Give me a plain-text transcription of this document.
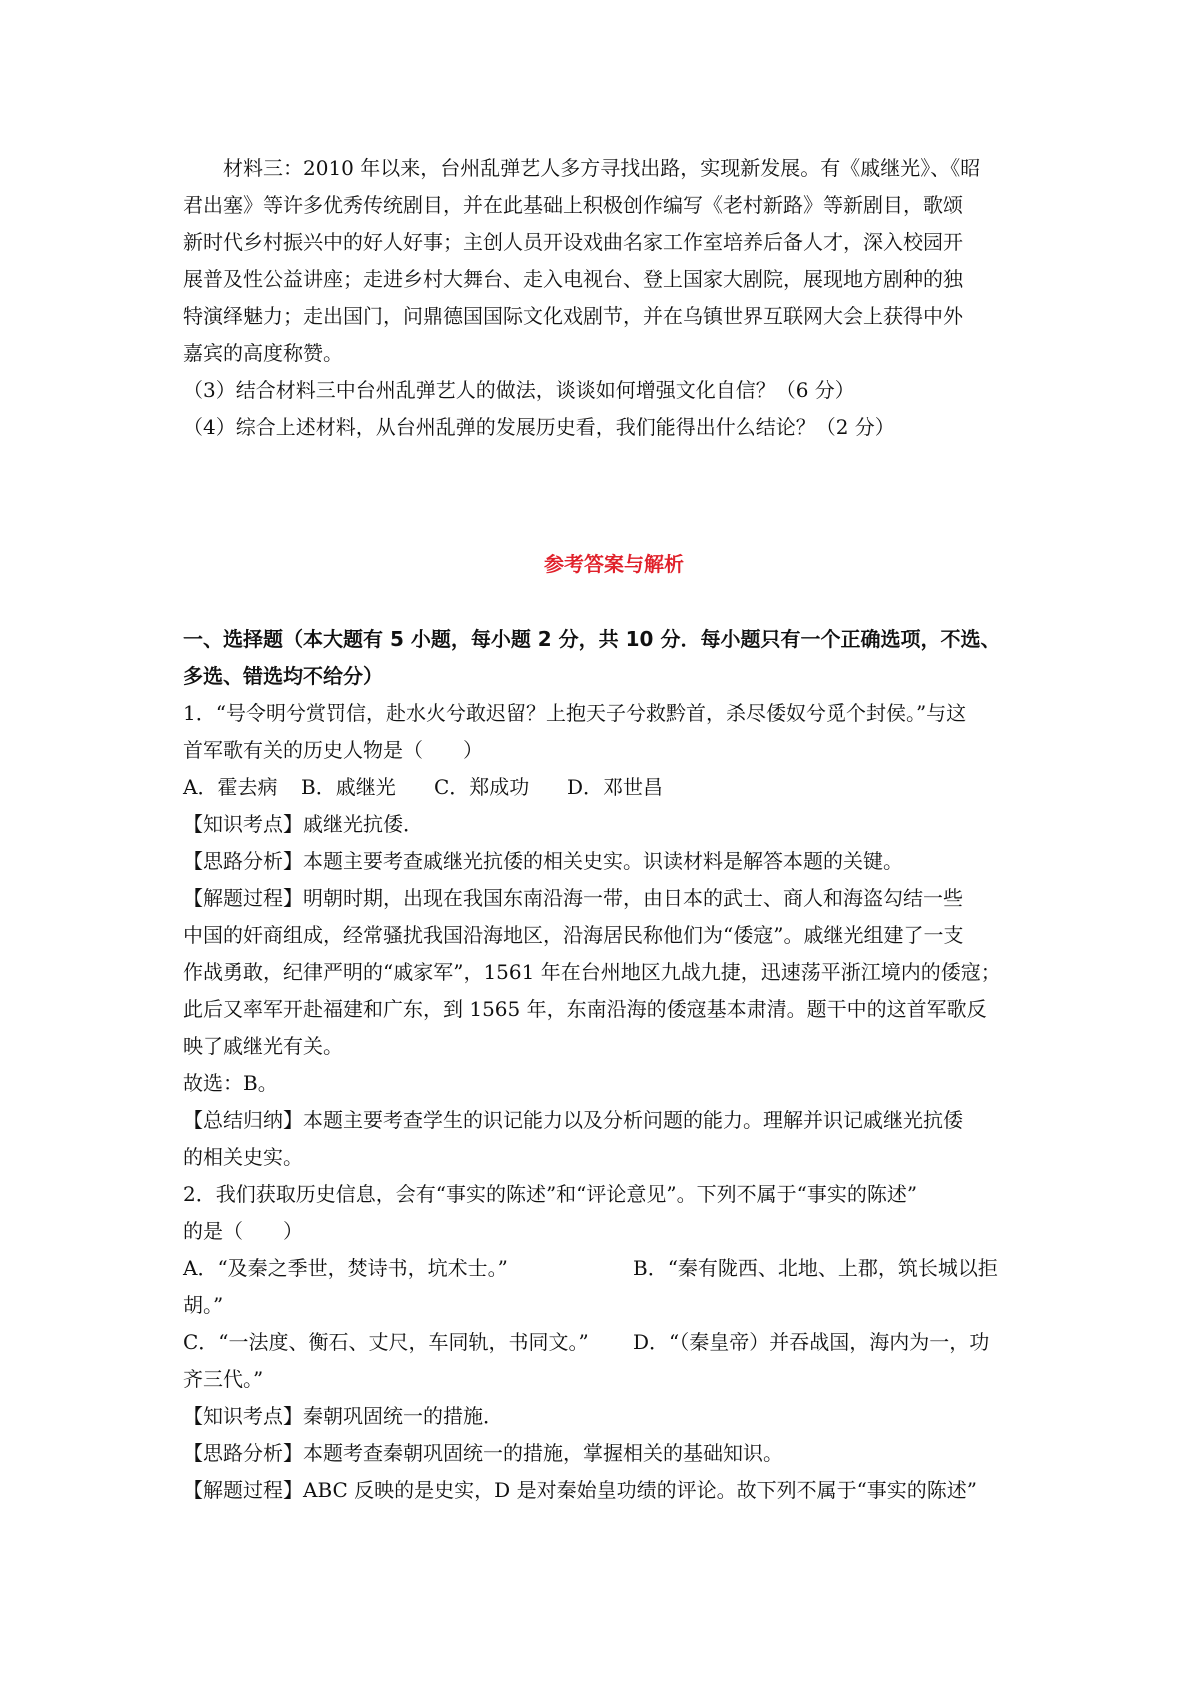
材料三：2010 年以来，台州乱弹艺人多方寻找出路，实现新发展。有《戚继光》、《昭
君出塞》等许多优秀传统剧目，并在此基础上积极创作编写《老村新路》等新剧目，歌颂
新时代乡村振兴中的好人好事；主创人员开设戏曲名家工作室培养后备人才，深入校园开
展普及性公益讲座；走进乡村大舞台、走入电视台、登上国家大剧院，展现地方剧种的独
特演绎魅力；走出国门，问鼎德国国际文化戏剧节，并在乌镇世界互联网大会上获得中外
嘉宾的高度称赞。
（3）结合材料三中台州乱弹艺人的做法，谈谈如何增强文化自信？（6 分）
（4）综合上述材料，从台州乱弹的发展历史看，我们能得出什么结论？（2 分）
参考答案与解析
一、选择题（本大题有 5 小题，每小题 2 分，共 10 分．每小题只有一个正确选项，不选、
多选、错选均不给分）
1．“号令明兮赏罚信，赴水火兮敢迟留？上抱天子兮救黔首，杀尽倭奴兮觅个封侯。”与这
首军歌有关的历史人物是（　　）
A．霍去病	B．戚继光	C．郑成功	D．邓世昌
【知识考点】戚继光抗倭．
【思路分析】本题主要考查戚继光抗倭的相关史实。识读材料是解答本题的关键。
【解题过程】明朝时期，出现在我国东南沿海一带，由日本的武士、商人和海盗勾结一些
中国的奸商组成，经常骚扰我国沿海地区，沿海居民称他们为“倭寇”。戚继光组建了一支
作战勇敢，纪律严明的“戚家军”，1561 年在台州地区九战九捷，迅速荡平浙江境内的倭寇；
此后又率军开赴福建和广东，到 1565 年，东南沿海的倭寇基本肃清。题干中的这首军歌反
映了戚继光有关。
故选：B。
【总结归纳】本题主要考查学生的识记能力以及分析问题的能力。理解并识记戚继光抗倭
的相关史实。
2．我们获取历史信息，会有“事实的陈述”和“评论意见”。下列不属于“事实的陈述”
的是（　　）
A．“及秦之季世，焚诗书，坑术士。”	B．“秦有陇西、北地、上郡，筑长城以拒
胡。”
C．“一法度、衡石、丈尺，车同轨，书同文。”	D．“（秦皇帝）并吞战国，海内为一，功
齐三代。”
【知识考点】秦朝巩固统一的措施．
【思路分析】本题考查秦朝巩固统一的措施，掌握相关的基础知识。
【解题过程】ABC 反映的是史实，D 是对秦始皇功绩的评论。故下列不属于“事实的陈述”
